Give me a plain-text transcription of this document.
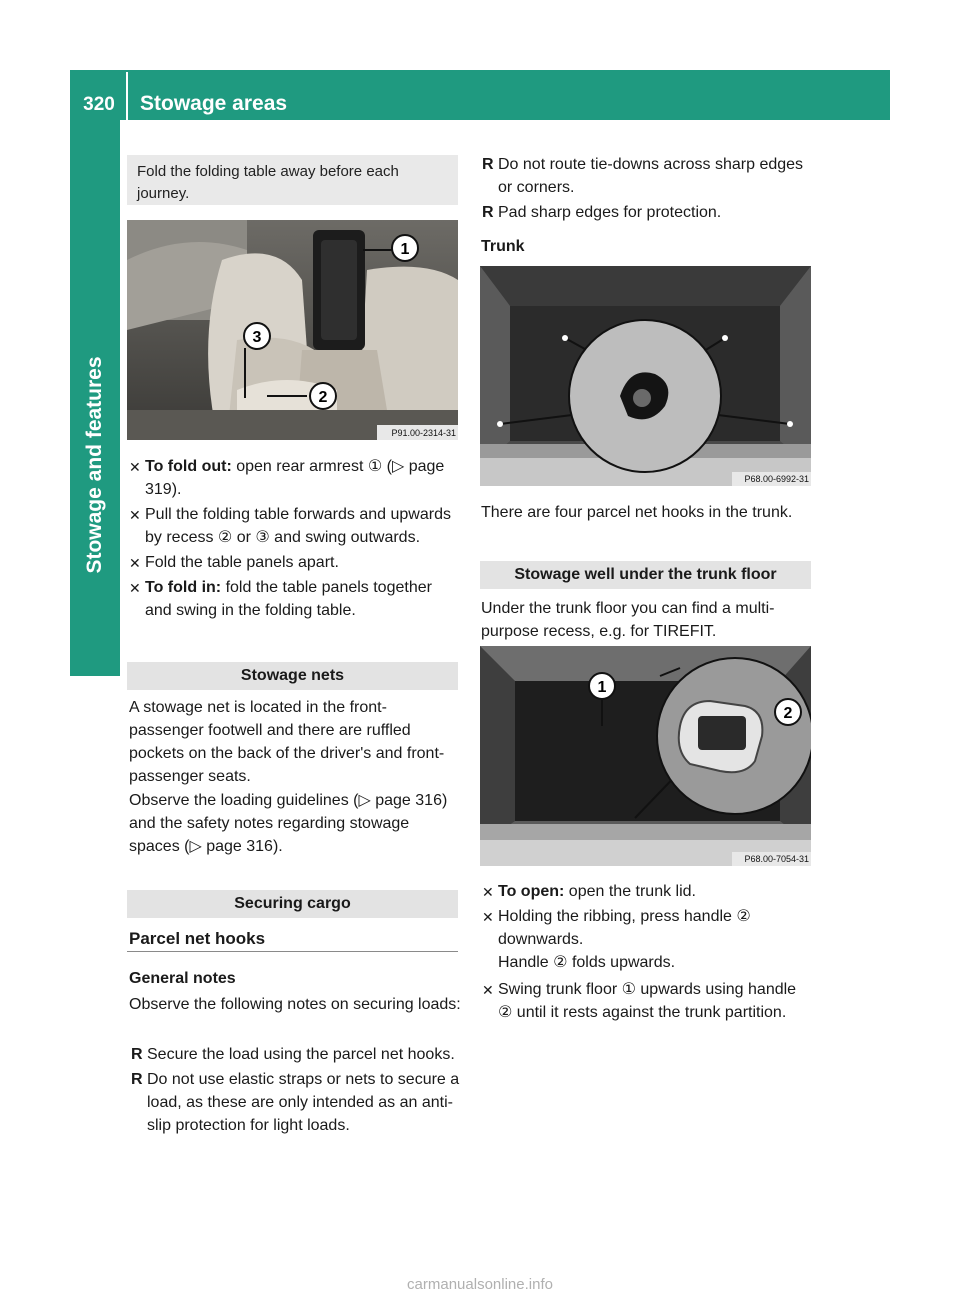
320	Stowage areas
Stowage and features
Fold the folding table away before each journey.
1
3
2
P91.00-2314-31
✕ To fold out: open rear armrest ① (▷ page 319).
✕ Pull the folding table forwards and upwards by recess ② or ③ and swing outwards.
✕ Fold the table panels apart.
✕ To fold in: fold the table panels together and swing in the folding table.
Stowage nets
A stowage net is located in the front-passenger footwell and there are ruffled pockets on the back of the driver's and front-passenger seats.
Observe the loading guidelines (▷ page 316) and the safety notes regarding stowage spaces (▷ page 316).
Securing cargo
Parcel net hooks
General notes
Observe the following notes on securing loads:
R Secure the load using the parcel net hooks.
R Do not use elastic straps or nets to secure a load, as these are only intended as an anti-slip protection for light loads.
R Do not route tie-downs across sharp edges or corners.
R Pad sharp edges for protection.
Trunk
P68.00-6992-31
There are four parcel net hooks in the trunk.
Stowage well under the trunk floor
Under the trunk floor you can find a multi-purpose recess, e.g. for TIREFIT.
1
2
P68.00-7054-31
✕ To open: open the trunk lid.
✕ Holding the ribbing, press handle ② downwards.
Handle ② folds upwards.
✕ Swing trunk floor ① upwards using handle ② until it rests against the trunk partition.
carmanualsonline.info
